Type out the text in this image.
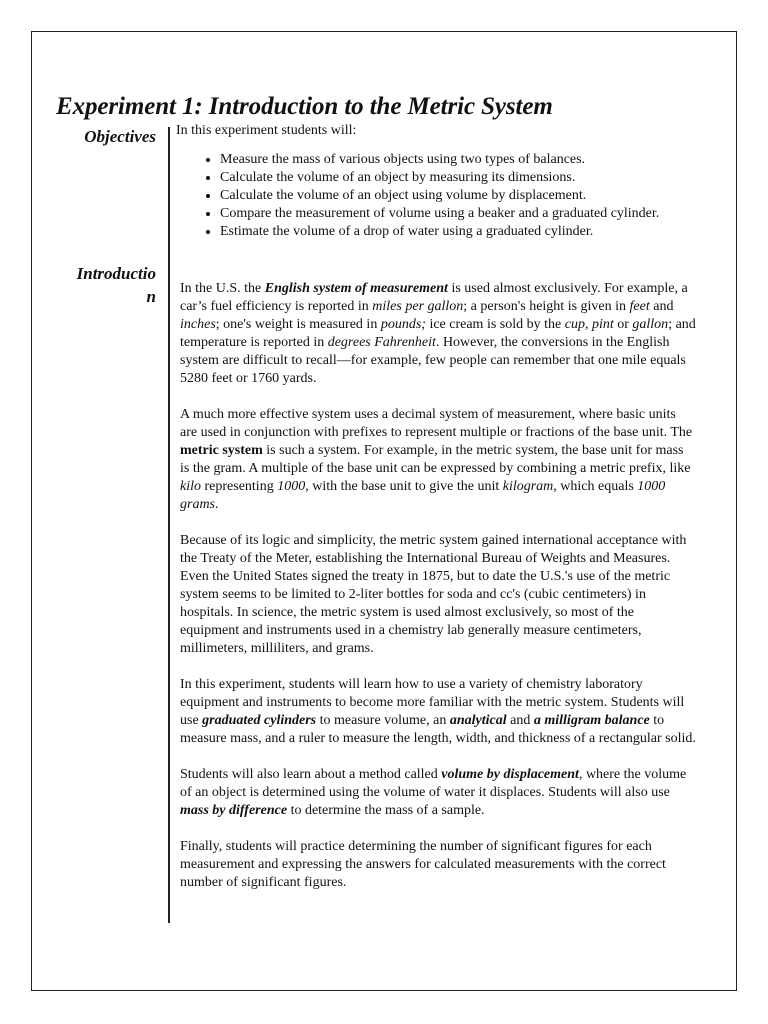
Experiment 1: Introduction to the Metric System
Objectives
Introductio
n

In this experiment students will:

• Measure the mass of various objects using two types of balances.
• Calculate the volume of an object by measuring its dimensions.
• Calculate the volume of an object using volume by displacement.
• Compare the measurement of volume using a beaker and a graduated cylinder.
• Estimate the volume of a drop of water using a graduated cylinder.

In the U.S. the English system of measurement is used almost exclusively. For example, a car’s fuel efficiency is reported in miles per gallon; a person's height is given in feet and inches; one's weight is measured in pounds; ice cream is sold by the cup, pint or gallon; and temperature is reported in degrees Fahrenheit. However, the conversions in the English system are difficult to recall—for example, few people can remember that one mile equals 5280 feet or 1760 yards.

A much more effective system uses a decimal system of measurement, where basic units are used in conjunction with prefixes to represent multiple or fractions of the base unit. The metric system is such a system. For example, in the metric system, the base unit for mass is the gram. A multiple of the base unit can be expressed by combining a metric prefix, like kilo representing 1000, with the base unit to give the unit kilogram, which equals 1000 grams.

Because of its logic and simplicity, the metric system gained international acceptance with the Treaty of the Meter, establishing the International Bureau of Weights and Measures. Even the United States signed the treaty in 1875, but to date the U.S.'s use of the metric system seems to be limited to 2-liter bottles for soda and cc's (cubic centimeters) in hospitals. In science, the metric system is used almost exclusively, so most of the equipment and instruments used in a chemistry lab generally measure centimeters, millimeters, milliliters, and grams.

In this experiment, students will learn how to use a variety of chemistry laboratory equipment and instruments to become more familiar with the metric system. Students will use graduated cylinders to measure volume, an analytical and a milligram balance to measure mass, and a ruler to measure the length, width, and thickness of a rectangular solid.

Students will also learn about a method called volume by displacement, where the volume of an object is determined using the volume of water it displaces. Students will also use mass by difference to determine the mass of a sample.

Finally, students will practice determining the number of significant figures for each measurement and expressing the answers for calculated measurements with the correct number of significant figures.
